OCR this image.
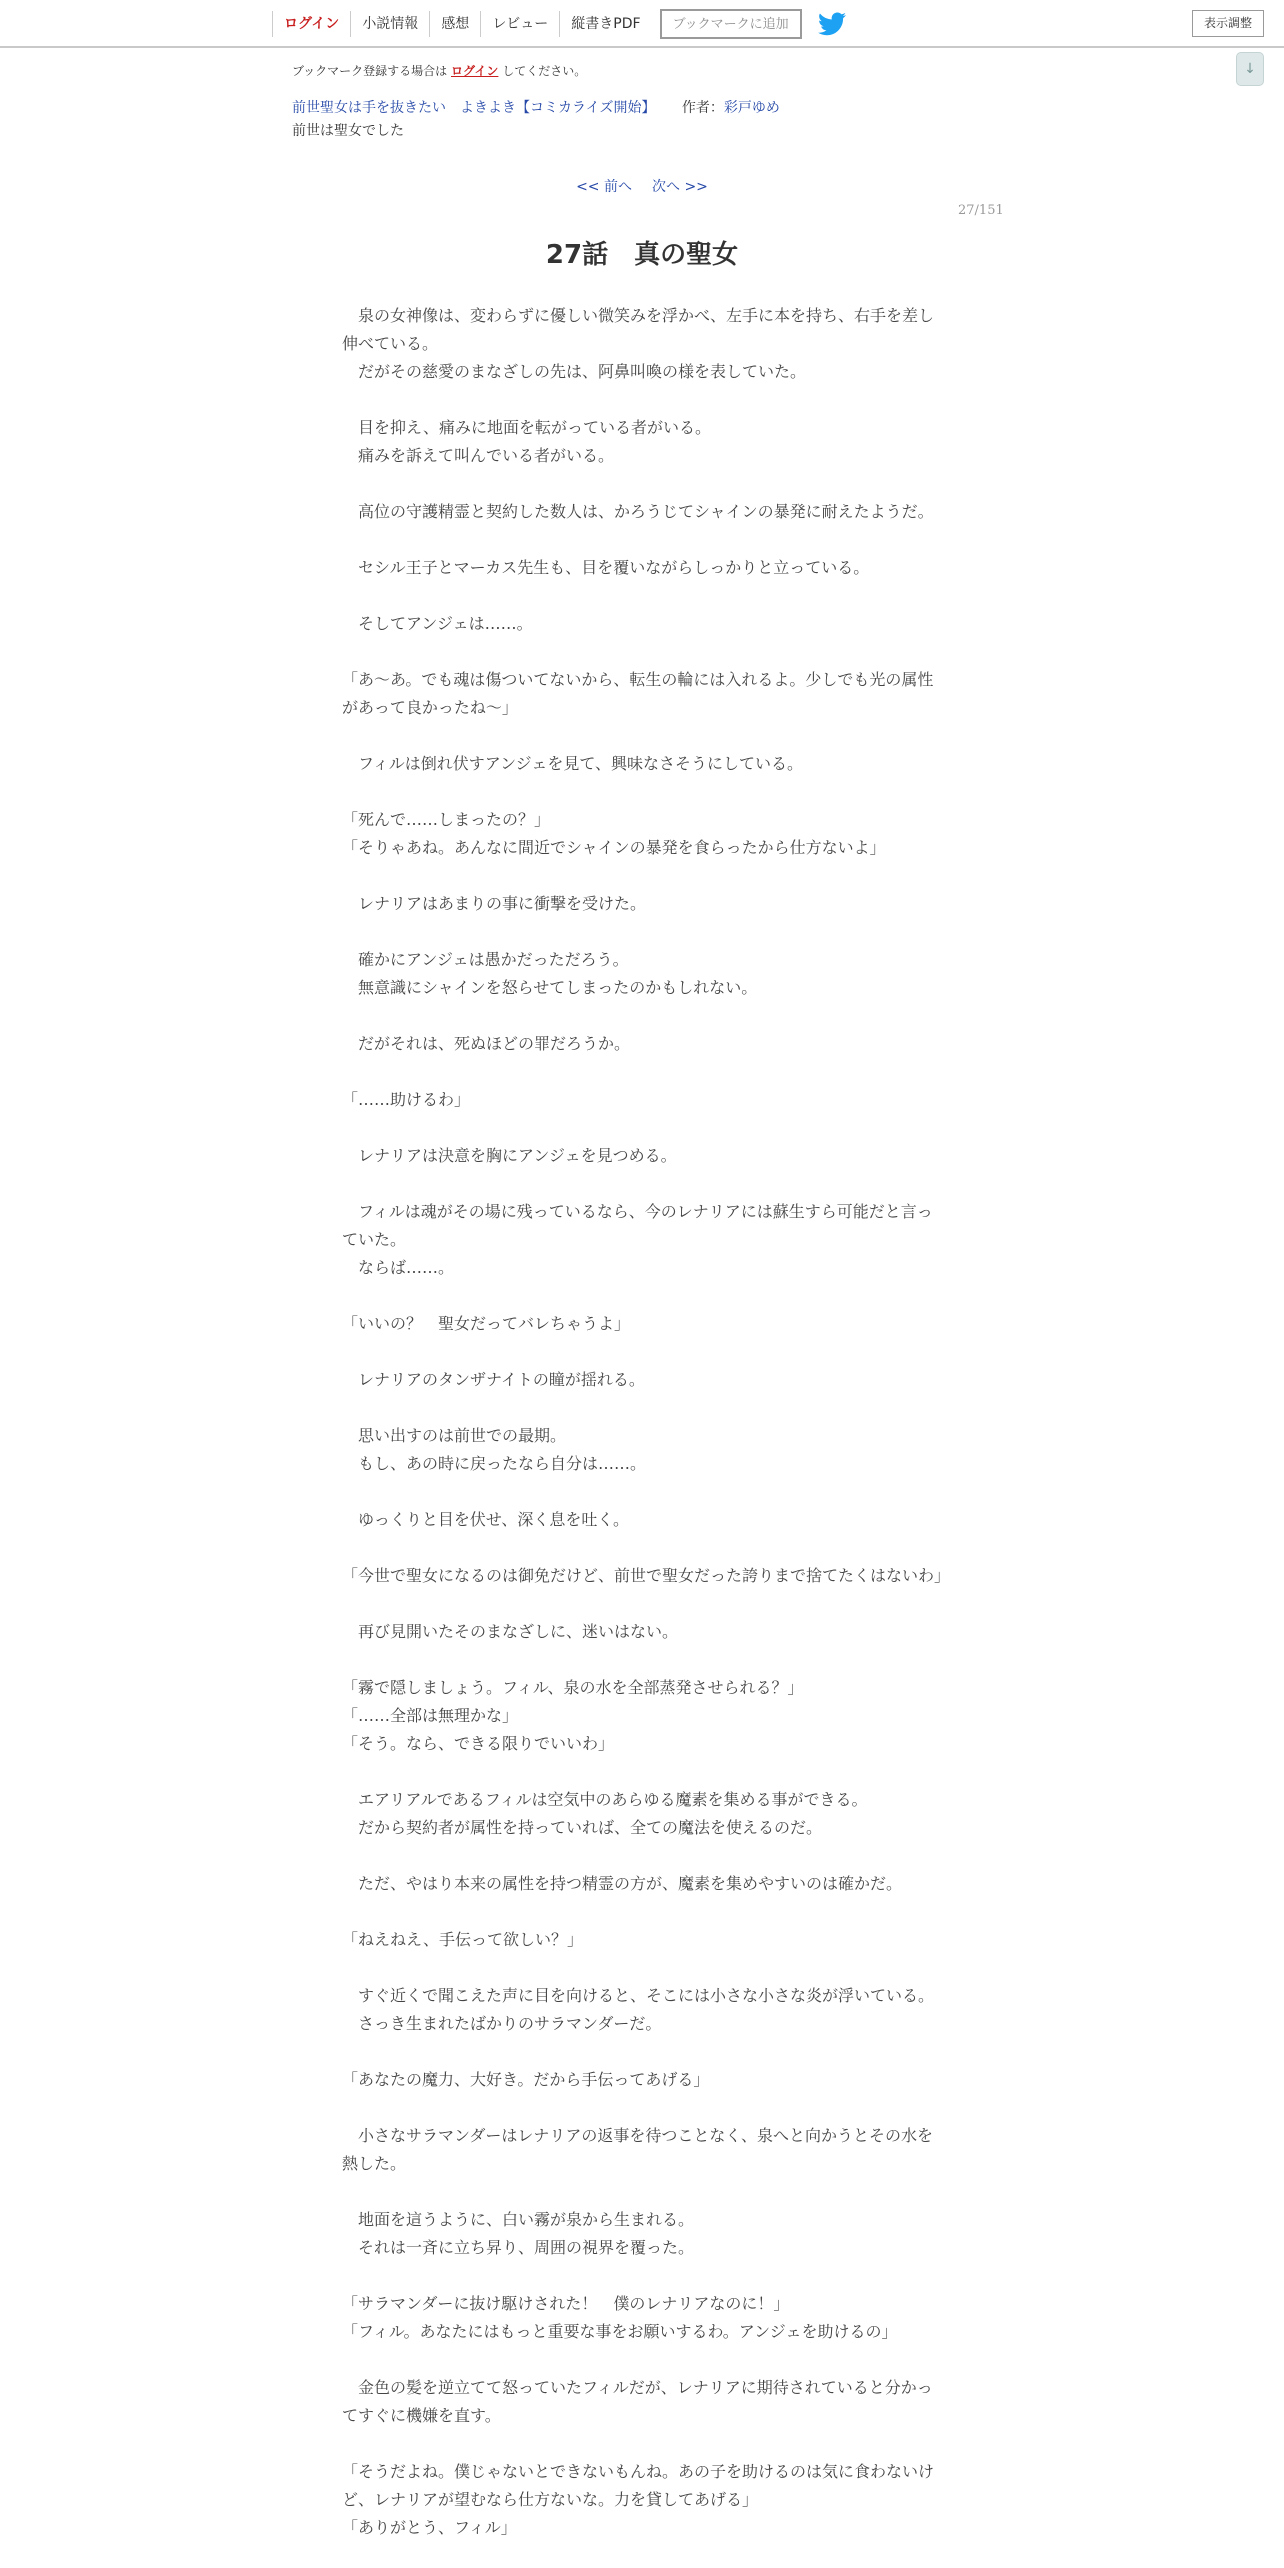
ログイン	小説情報	感想	レビュー	縦書きPDF	ブックマークに追加	表示調整
↓
ブックマーク登録する場合は ログイン してください。
前世聖女は手を抜きたい　よきよき【コミカライズ開始】 作者：彩戸ゆめ
前世は聖女でした
<< 前へ 次へ >>
27/151
27話　真の聖女

　泉の女神像は、変わらずに優しい微笑みを浮かべ、左手に本を持ち、右手を差し伸べている。

　だがその慈愛のまなざしの先は、阿鼻叫喚の様を表していた。

　目を抑え、痛みに地面を転がっている者がいる。

　痛みを訴えて叫んでいる者がいる。

　高位の守護精霊と契約した数人は、かろうじてシャインの暴発に耐えたようだ。

　セシル王子とマーカス先生も、目を覆いながらしっかりと立っている。

　そしてアンジェは……。

「あ～あ。でも魂は傷ついてないから、転生の輪には入れるよ。少しでも光の属性があって良かったね～」

　フィルは倒れ伏すアンジェを見て、興味なさそうにしている。

「死んで……しまったの？」

「そりゃあね。あんなに間近でシャインの暴発を食らったから仕方ないよ」

　レナリアはあまりの事に衝撃を受けた。

　確かにアンジェは愚かだっただろう。

　無意識にシャインを怒らせてしまったのかもしれない。

　だがそれは、死ぬほどの罪だろうか。

「……助けるわ」

　レナリアは決意を胸にアンジェを見つめる。

　フィルは魂がその場に残っているなら、今のレナリアには蘇生すら可能だと言っていた。

　ならば……。

「いいの？　聖女だってバレちゃうよ」

　レナリアのタンザナイトの瞳が揺れる。

　思い出すのは前世での最期。

　もし、あの時に戻ったなら自分は……。

　ゆっくりと目を伏せ、深く息を吐く。

「今世で聖女になるのは御免だけど、前世で聖女だった誇りまで捨てたくはないわ」

　再び見開いたそのまなざしに、迷いはない。

「霧で隠しましょう。フィル、泉の水を全部蒸発させられる？」

「……全部は無理かな」

「そう。なら、できる限りでいいわ」

　エアリアルであるフィルは空気中のあらゆる魔素を集める事ができる。

　だから契約者が属性を持っていれば、全ての魔法を使えるのだ。

　ただ、やはり本来の属性を持つ精霊の方が、魔素を集めやすいのは確かだ。

「ねえねえ、手伝って欲しい？」

　すぐ近くで聞こえた声に目を向けると、そこには小さな小さな炎が浮いている。

　さっき生まれたばかりのサラマンダーだ。

「あなたの魔力、大好き。だから手伝ってあげる」

　小さなサラマンダーはレナリアの返事を待つことなく、泉へと向かうとその水を熱した。

　地面を這うように、白い霧が泉から生まれる。

　それは一斉に立ち昇り、周囲の視界を覆った。

「サラマンダーに抜け駆けされた！　僕のレナリアなのに！」

「フィル。あなたにはもっと重要な事をお願いするわ。アンジェを助けるの」

　金色の髪を逆立てて怒っていたフィルだが、レナリアに期待されていると分かってすぐに機嫌を直す。

「そうだよね。僕じゃないとできないもんね。あの子を助けるのは気に食わないけど、レナリアが望むなら仕方ないな。力を貸してあげる」

「ありがとう、フィル」
